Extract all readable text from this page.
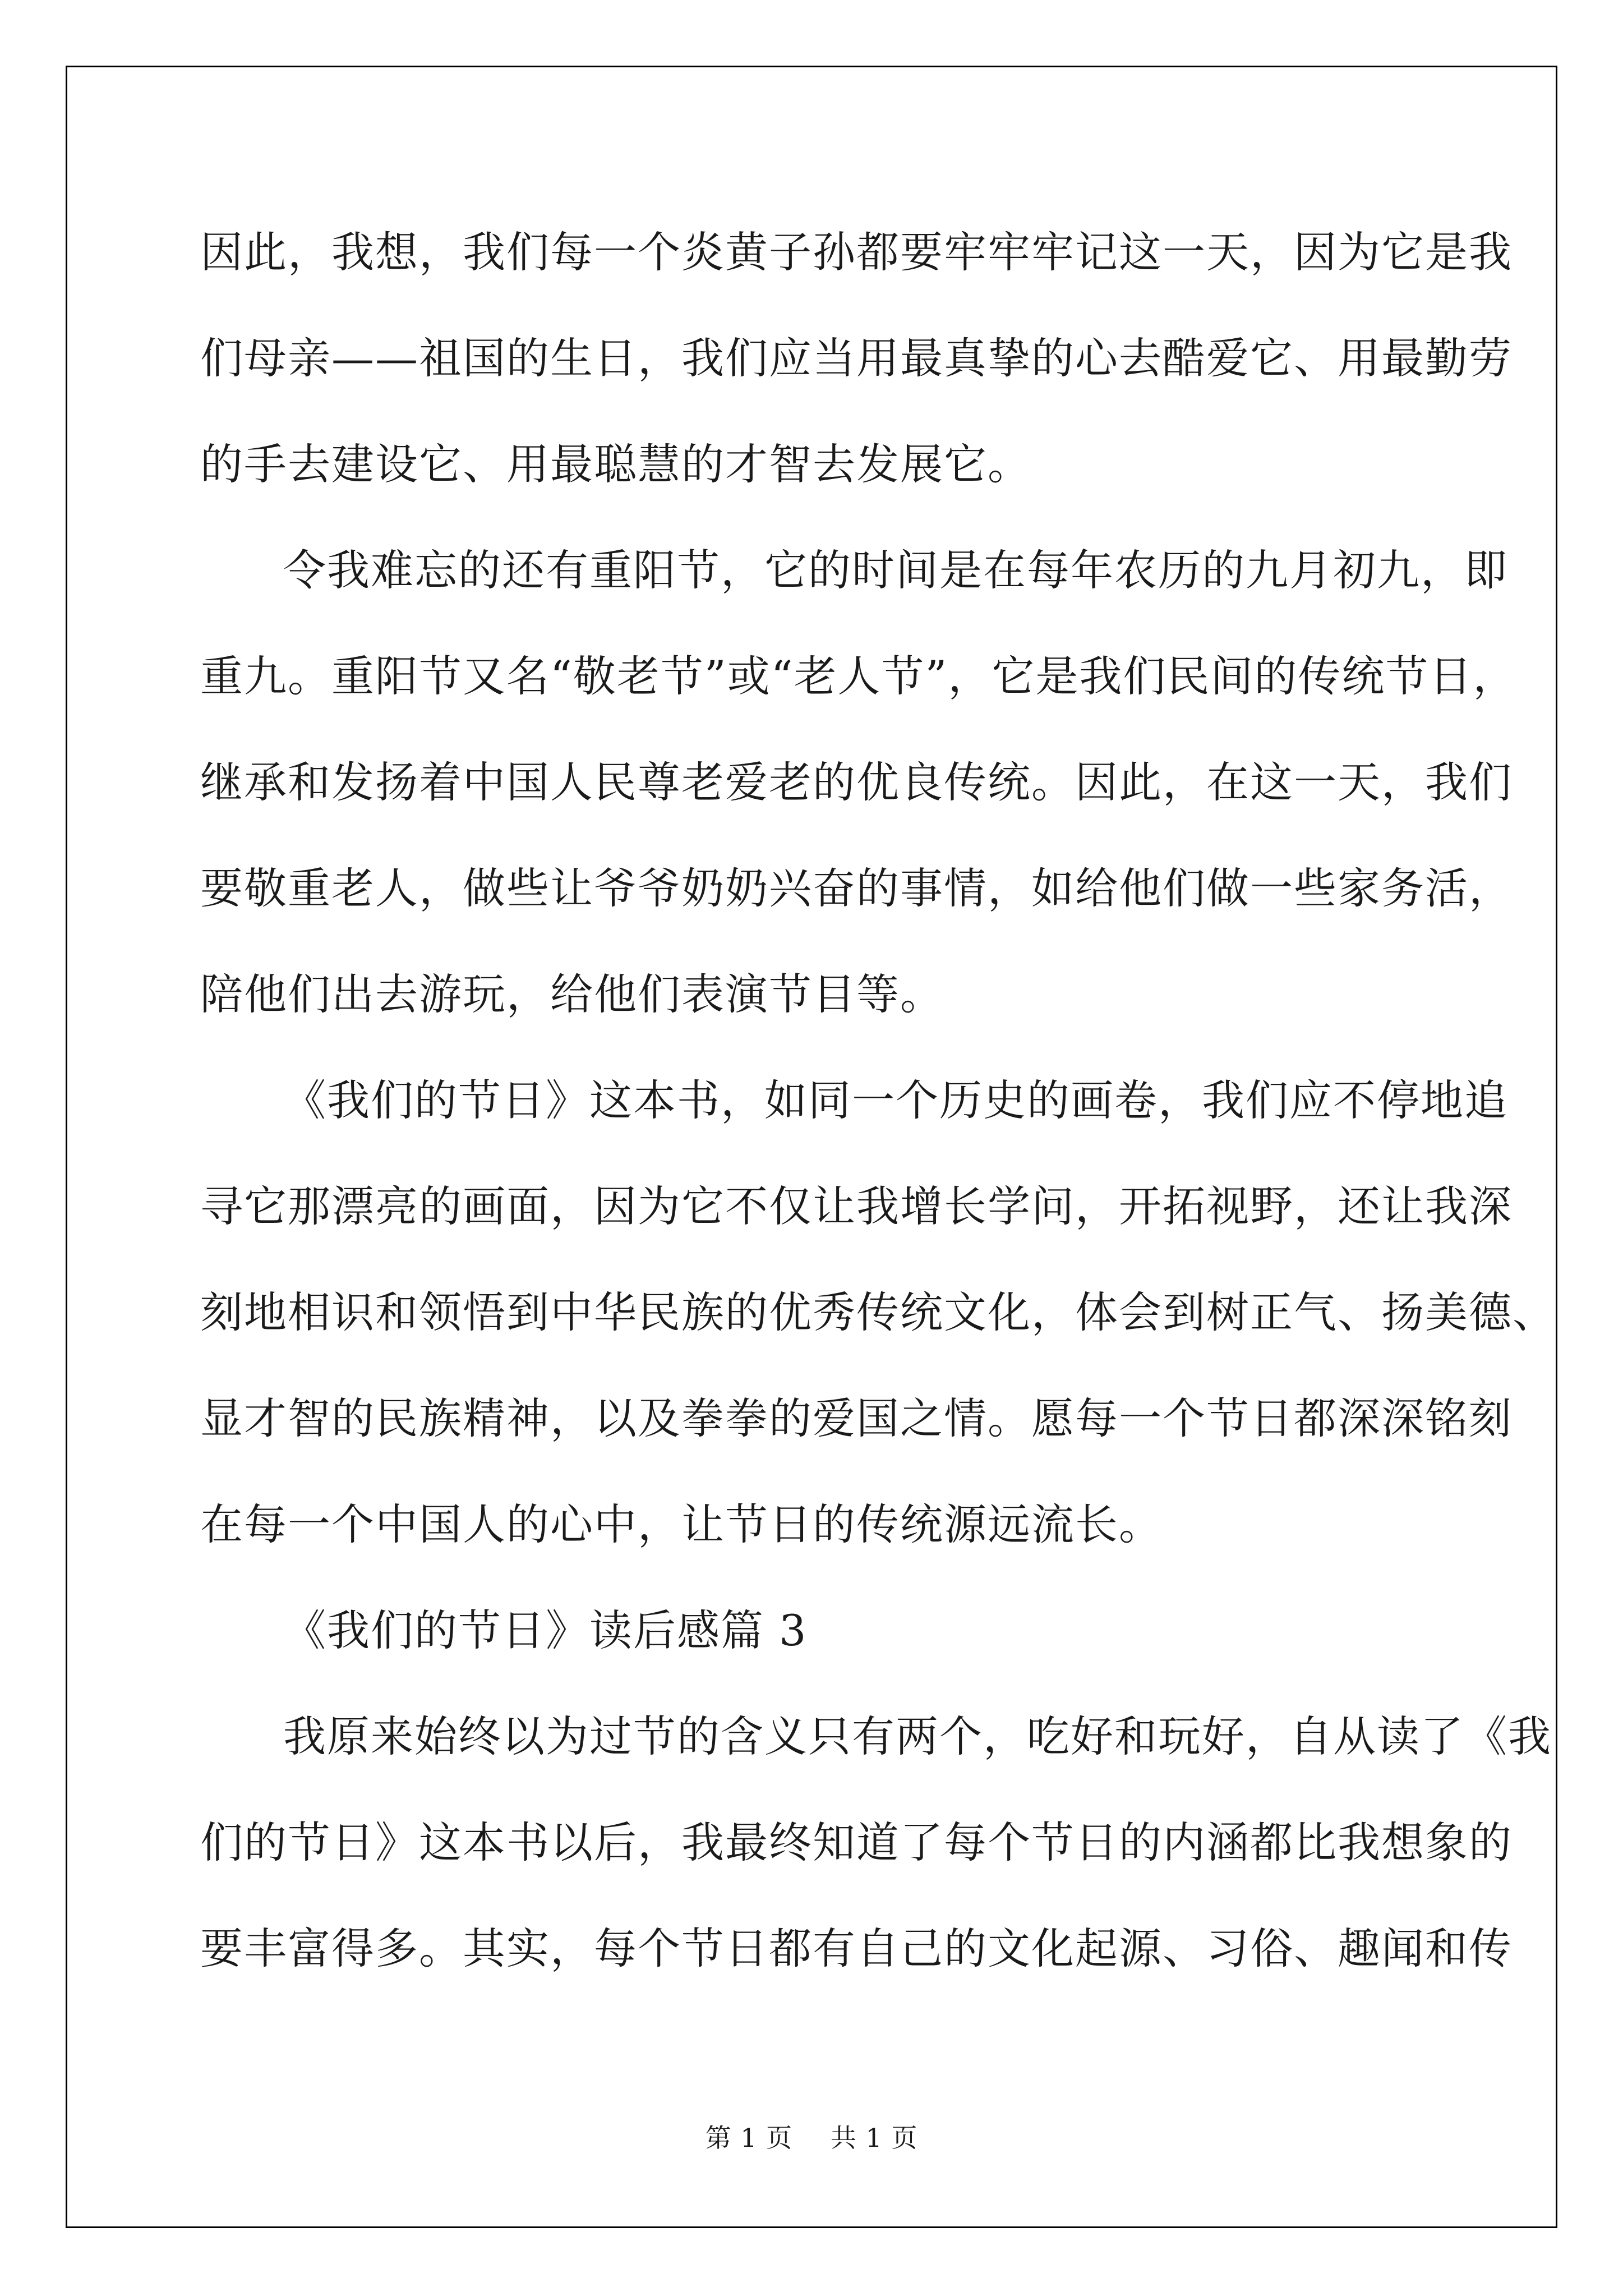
因此，我想，我们每一个炎黄子孙都要牢牢牢记这一天，因为它是我
们母亲——祖国的生日，我们应当用最真挚的心去酷爱它、用最勤劳
的手去建设它、用最聪慧的才智去发展它。

令我难忘的还有重阳节，它的时间是在每年农历的九月初九，即
重九。重阳节又名“敬老节”或“老人节”，它是我们民间的传统节日，
继承和发扬着中国人民尊老爱老的优良传统。因此，在这一天，我们
要敬重老人，做些让爷爷奶奶兴奋的事情，如给他们做一些家务活，
陪他们出去游玩，给他们表演节目等。

《我们的节日》这本书，如同一个历史的画卷，我们应不停地追
寻它那漂亮的画面，因为它不仅让我增长学问，开拓视野，还让我深
刻地相识和领悟到中华民族的优秀传统文化，体会到树正气、扬美德、
显才智的民族精神，以及拳拳的爱国之情。愿每一个节日都深深铭刻
在每一个中国人的心中，让节日的传统源远流长。

《我们的节日》读后感篇 3

我原来始终以为过节的含义只有两个，吃好和玩好，自从读了《我
们的节日》这本书以后，我最终知道了每个节日的内涵都比我想象的
要丰富得多。其实，每个节日都有自己的文化起源、习俗、趣闻和传

第 1 页 共 1 页
